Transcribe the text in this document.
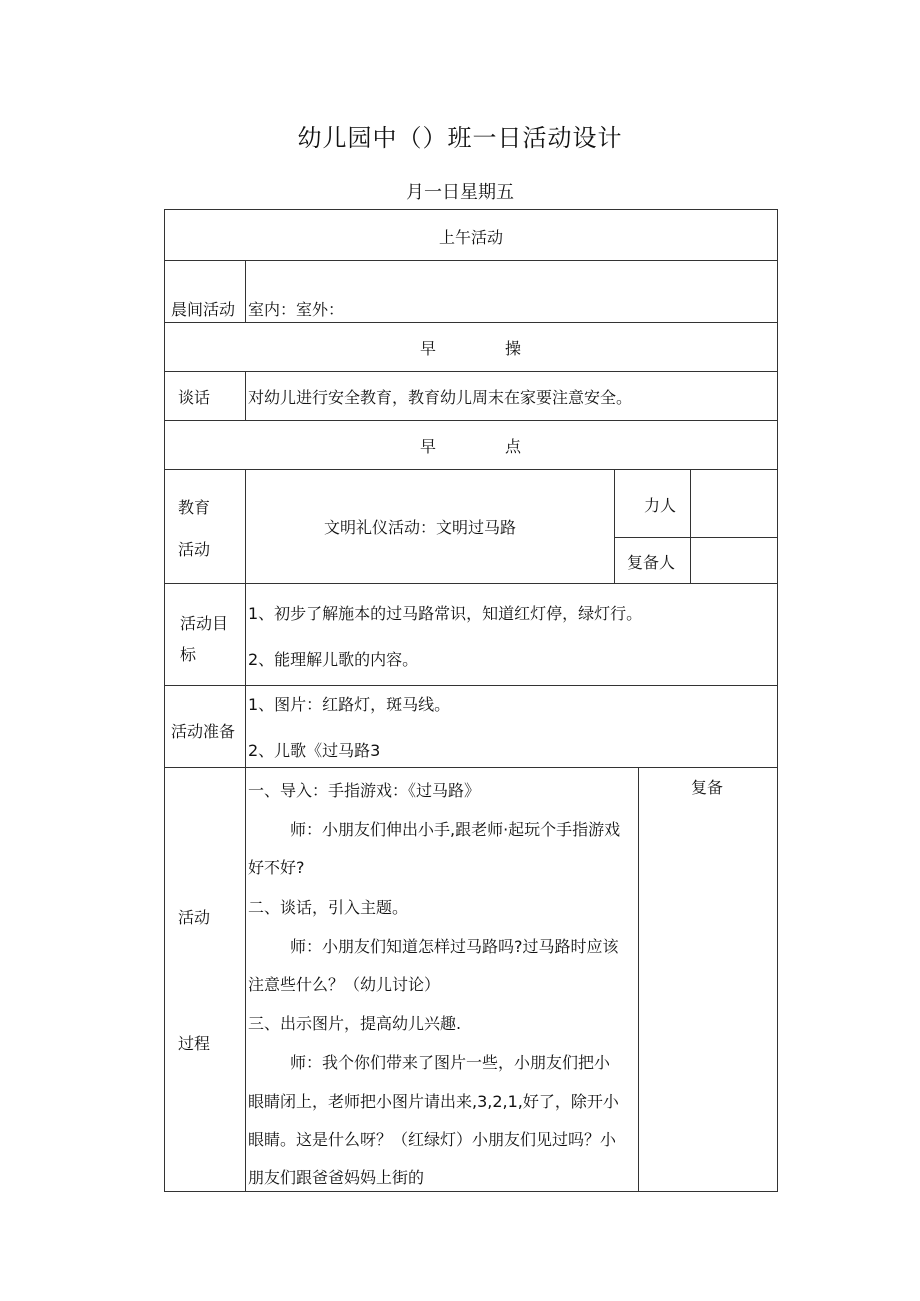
幼儿园中（）班一日活动设计
月一日星期五
上午活动
晨间活动 室内：室外：
早	操
谈话 对幼儿进行安全教育，教育幼儿周末在家要注意安全。
早	点
教育
活动
文明礼仪活动：文明过马路
力人
复备人
活动目
标
1、初步了解施本的过马路常识，知道红灯停，绿灯行。
2、能理解儿歌的内容。
活动准备
1、图片：红路灯，斑马线。
2、儿歌《过马路3
活动
过程
复备
一、导入：手指游戏：《过马路》
师：小朋友们伸出小手,跟老师·起玩个手指游戏
好不好?
二、谈话，引入主题。
师：小朋友们知道怎样过马路吗?过马路时应该
注意些什么？（幼儿讨论）
三、出示图片，提高幼儿兴趣.
师：我个你们带来了图片一些，小朋友们把小
眼睛闭上，老师把小图片请出来,3,2,1,好了，除开小
眼睛。这是什么呀？（红绿灯）小朋友们见过吗？小
朋友们跟爸爸妈妈上街的
